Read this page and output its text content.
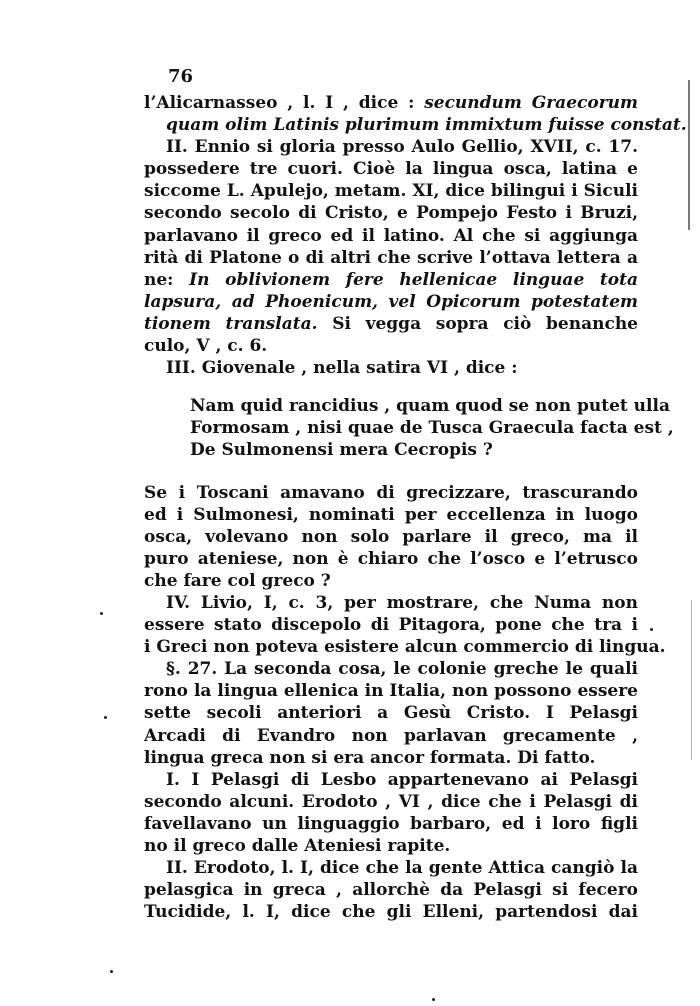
76
l’Alicarnasseo , l. I , dice : secundum Graecorum
quam olim Latinis plurimum immixtum fuisse constat.
II. Ennio si gloria presso Aulo Gellio, XVII, c. 17.
possedere tre cuori. Cioè la lingua osca, latina e
siccome L. Apulejo, metam. XI, dice bilingui i Siculi
secondo secolo di Cristo, e Pompejo Festo i Bruzi,
parlavano il greco ed il latino. Al che si aggiunga
rità di Platone o di altri che scrive l’ottava lettera a
ne: In oblivionem fere hellenicae linguae tota
lapsura, ad Phoenicum, vel Opicorum potestatem
tionem translata. Si vegga sopra ciò benanche
culo, V , c. 6.
III. Giovenale , nella satira VI , dice :
Nam quid rancidius , quam quod se non putet ulla
Formosam , nisi quae de Tusca Graecula facta est ,
De Sulmonensi mera Cecropis ?
Se i Toscani amavano di grecizzare, trascurando
ed i Sulmonesi, nominati per eccellenza in luogo
osca, volevano non solo parlare il greco, ma il
puro ateniese, non è chiaro che l’osco e l’etrusco
che fare col greco ?
IV. Livio, I, c. 3, per mostrare, che Numa non
essere stato discepolo di Pitagora, pone che tra i
i Greci non poteva esistere alcun commercio di lingua.
§. 27. La seconda cosa, le colonie greche le quali
rono la lingua ellenica in Italia, non possono essere
sette secoli anteriori a Gesù Cristo. I Pelasgi
Arcadi di Evandro non parlavan grecamente ,
lingua greca non si era ancor formata. Di fatto.
I. I Pelasgi di Lesbo appartenevano ai Pelasgi
secondo alcuni. Erodoto , VI , dice che i Pelasgi di
favellavano un linguaggio barbaro, ed i loro figli
no il greco dalle Ateniesi rapite.
II. Erodoto, l. I, dice che la gente Attica cangiò la
pelasgica in greca , allorchè da Pelasgi si fecero
Tucidide, l. I, dice che gli Elleni, partendosi dai
